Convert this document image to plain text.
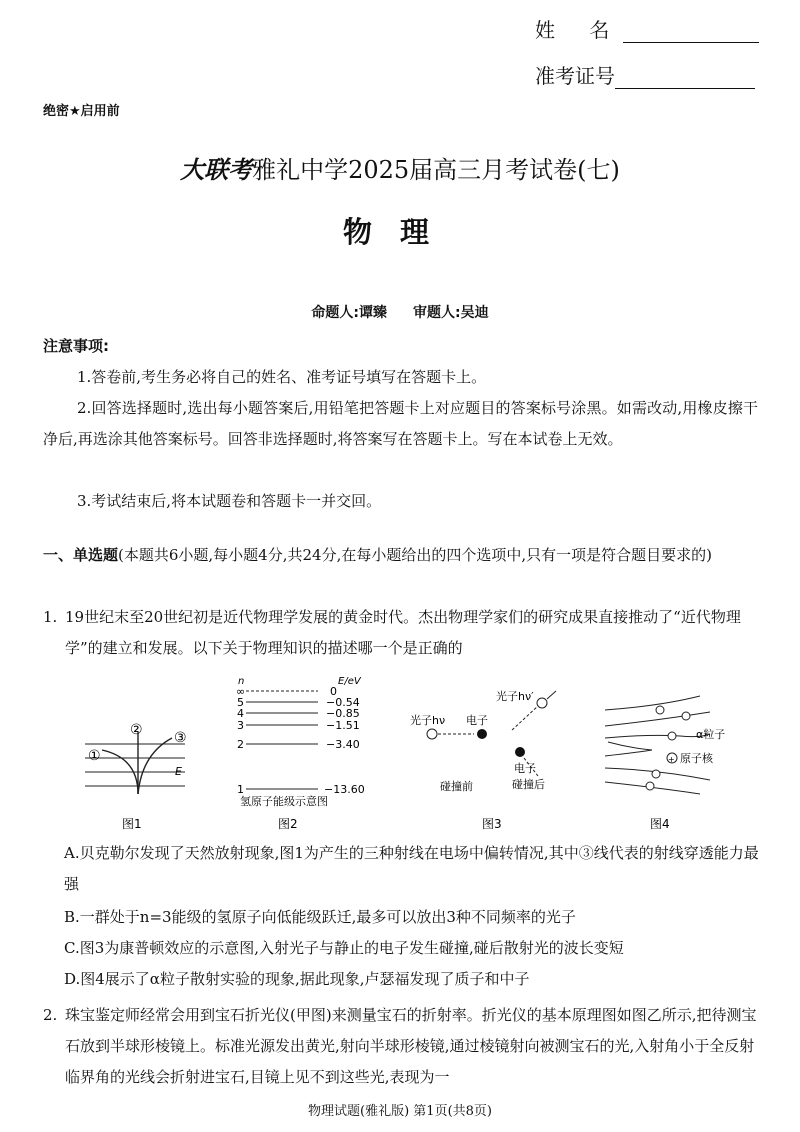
姓 名
准考证号
绝密★启用前
大联考雅礼中学2025届高三月考试卷(七)
物理
命题人:谭臻 审题人:吴迪
注意事项:
1.答卷前,考生务必将自己的姓名、准考证号填写在答题卡上。
2.回答选择题时,选出每小题答案后,用铅笔把答题卡上对应题目的答案标号涂黑。如需改动,用橡皮擦干净后,再选涂其他答案标号。回答非选择题时,将答案写在答题卡上。写在本试卷上无效。
3.考试结束后,将本试题卷和答题卡一并交回。
一、单选题(本题共6小题,每小题4分,共24分,在每小题给出的四个选项中,只有一项是符合题目要求的)
1. 19世纪末至20世纪初是近代物理学发展的黄金时代。杰出物理学家们的研究成果直接推动了“近代物理学”的建立和发展。以下关于物理知识的描述哪一个是正确的
②
①
③
E
图1
n	E/eV
∞	0
5	−0.54
4	−0.85
3	−1.51
2	−3.40
1	−13.60
氢原子能级示意图
图2
光子hν 电子
光子hν′
电子
碰撞前	碰撞后
图3
+
α粒子
原子核
图4
A.贝克勒尔发现了天然放射现象,图1为产生的三种射线在电场中偏转情况,其中③线代表的射线穿透能力最强
B.一群处于n=3能级的氢原子向低能级跃迁,最多可以放出3种不同频率的光子
C.图3为康普顿效应的示意图,入射光子与静止的电子发生碰撞,碰后散射光的波长变短
D.图4展示了α粒子散射实验的现象,据此现象,卢瑟福发现了质子和中子
2. 珠宝鉴定师经常会用到宝石折光仪(甲图)来测量宝石的折射率。折光仪的基本原理图如图乙所示,把待测宝石放到半球形棱镜上。标准光源发出黄光,射向半球形棱镜,通过棱镜射向被测宝石的光,入射角小于全反射临界角的光线会折射进宝石,目镜上见不到这些光,表现为一
物理试题(雅礼版) 第1页(共8页)
